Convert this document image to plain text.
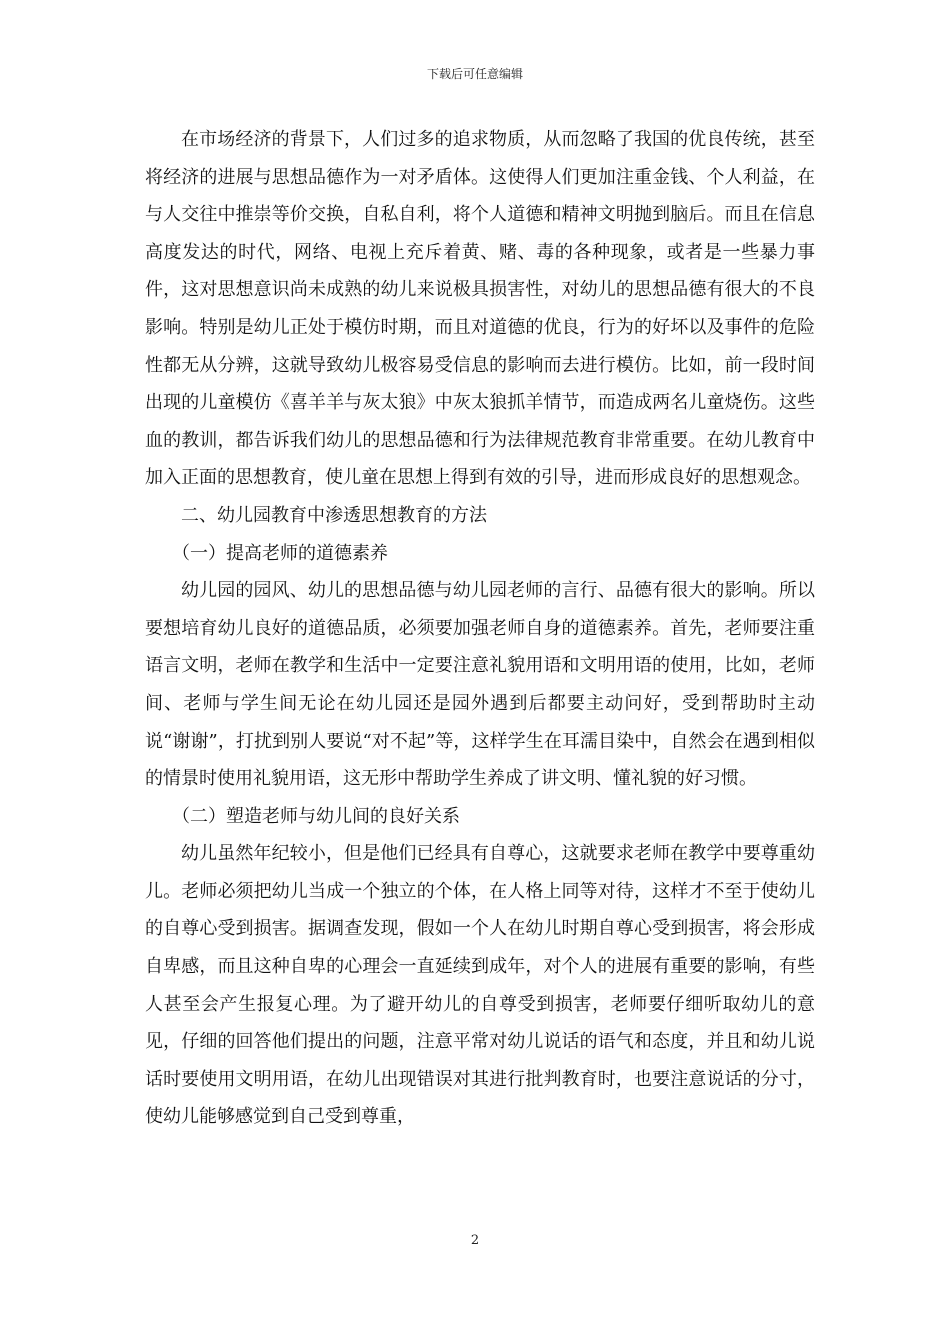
下载后可任意编辑

在市场经济的背景下，人们过多的追求物质，从而忽略了我国的优良传统，甚至将经济的进展与思想品德作为一对矛盾体。这使得人们更加注重金钱、个人利益，在与人交往中推崇等价交换，自私自利，将个人道德和精神文明抛到脑后。而且在信息高度发达的时代，网络、电视上充斥着黄、赌、毒的各种现象，或者是一些暴力事件，这对思想意识尚未成熟的幼儿来说极具损害性，对幼儿的思想品德有很大的不良影响。特别是幼儿正处于模仿时期，而且对道德的优良，行为的好坏以及事件的危险性都无从分辨，这就导致幼儿极容易受信息的影响而去进行模仿。比如，前一段时间出现的儿童模仿《喜羊羊与灰太狼》中灰太狼抓羊情节，而造成两名儿童烧伤。这些血的教训，都告诉我们幼儿的思想品德和行为法律规范教育非常重要。在幼儿教育中加入正面的思想教育，使儿童在思想上得到有效的引导，进而形成良好的思想观念。

二、幼儿园教育中渗透思想教育的方法

（一）提高老师的道德素养

幼儿园的园风、幼儿的思想品德与幼儿园老师的言行、品德有很大的影响。所以要想培育幼儿良好的道德品质，必须要加强老师自身的道德素养。首先，老师要注重语言文明，老师在教学和生活中一定要注意礼貌用语和文明用语的使用，比如，老师间、老师与学生间无论在幼儿园还是园外遇到后都要主动问好，受到帮助时主动说“谢谢”，打扰到别人要说“对不起”等，这样学生在耳濡目染中，自然会在遇到相似的情景时使用礼貌用语，这无形中帮助学生养成了讲文明、懂礼貌的好习惯。

（二）塑造老师与幼儿间的良好关系

幼儿虽然年纪较小，但是他们已经具有自尊心，这就要求老师在教学中要尊重幼儿。老师必须把幼儿当成一个独立的个体，在人格上同等对待，这样才不至于使幼儿的自尊心受到损害。据调查发现，假如一个人在幼儿时期自尊心受到损害，将会形成自卑感，而且这种自卑的心理会一直延续到成年，对个人的进展有重要的影响，有些人甚至会产生报复心理。为了避开幼儿的自尊受到损害，老师要仔细听取幼儿的意见，仔细的回答他们提出的问题，注意平常对幼儿说话的语气和态度，并且和幼儿说话时要使用文明用语，在幼儿出现错误对其进行批判教育时，也要注意说话的分寸，使幼儿能够感觉到自己受到尊重，

2
